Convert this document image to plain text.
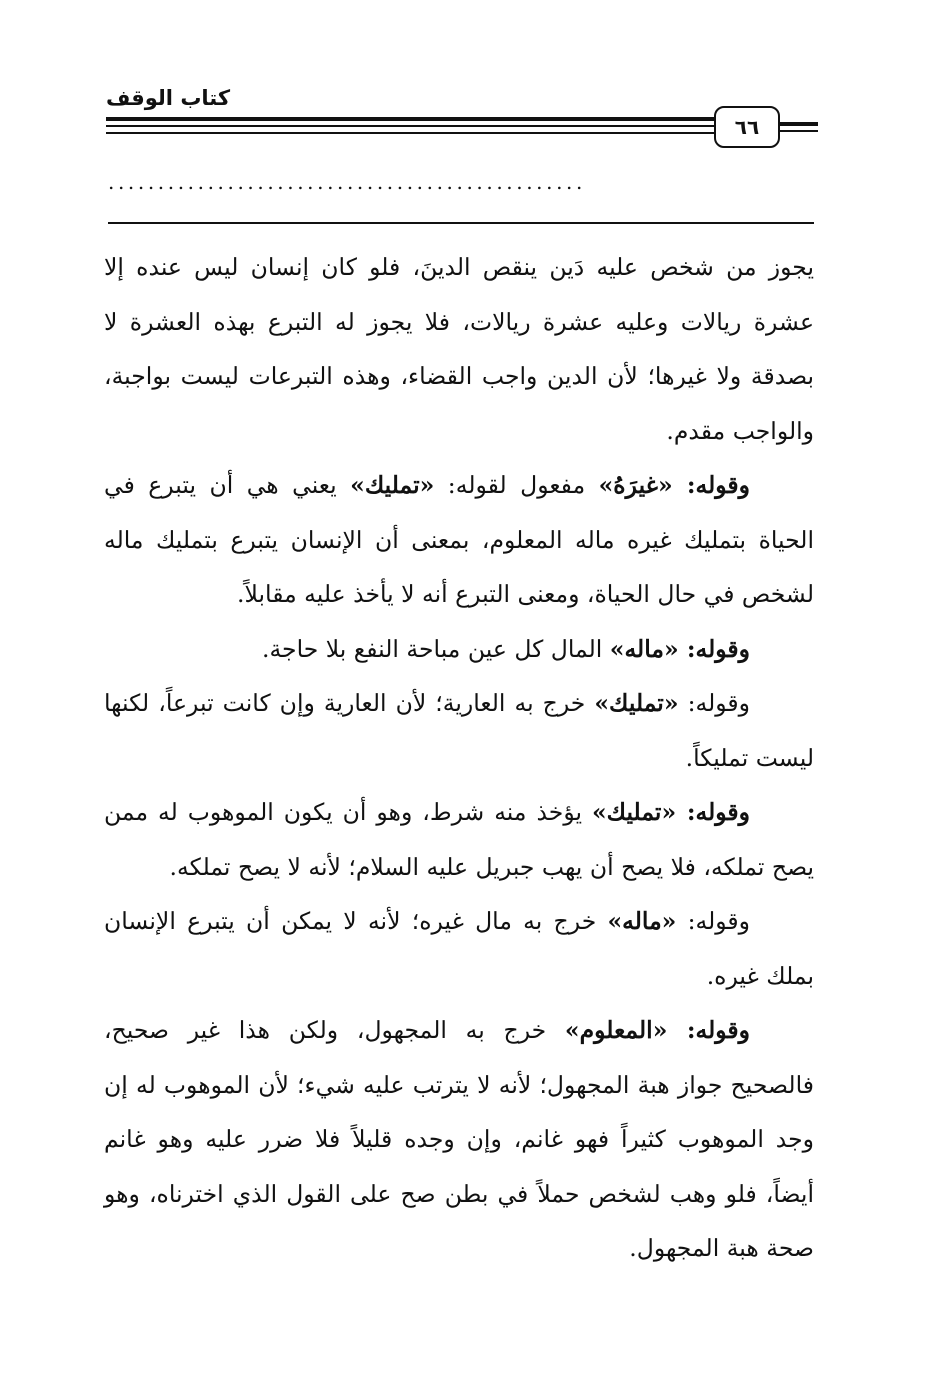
كتاب الوقف
٦٦
................................................

يجوز من شخص عليه دَين ينقص الدينَ، فلو كان إنسان ليس عنده إلا عشرة ريالات وعليه عشرة ريالات، فلا يجوز له التبرع بهذه العشرة لا بصدقة ولا غيرها؛ لأن الدين واجب القضاء، وهذه التبرعات ليست بواجبة، والواجب مقدم.

وقوله: «غيرَهُ» مفعول لقوله: «تمليك» يعني هي أن يتبرع في الحياة بتمليك غيره ماله المعلوم، بمعنى أن الإنسان يتبرع بتمليك ماله لشخص في حال الحياة، ومعنى التبرع أنه لا يأخذ عليه مقابلاً.

وقوله: «ماله» المال كل عين مباحة النفع بلا حاجة.

وقوله: «تمليك» خرج به العارية؛ لأن العارية وإن كانت تبرعاً، لكنها ليست تمليكاً.

وقوله: «تمليك» يؤخذ منه شرط، وهو أن يكون الموهوب له ممن يصح تملكه، فلا يصح أن يهب جبريل عليه السلام؛ لأنه لا يصح تملكه.

وقوله: «ماله» خرج به مال غيره؛ لأنه لا يمكن أن يتبرع الإنسان بملك غيره.

وقوله: «المعلوم» خرج به المجهول، ولكن هذا غير صحيح، فالصحيح جواز هبة المجهول؛ لأنه لا يترتب عليه شيء؛ لأن الموهوب له إن وجد الموهوب كثيراً فهو غانم، وإن وجده قليلاً فلا ضرر عليه وهو غانم أيضاً، فلو وهب لشخص حملاً في بطن صح على القول الذي اخترناه، وهو صحة هبة المجهول.
